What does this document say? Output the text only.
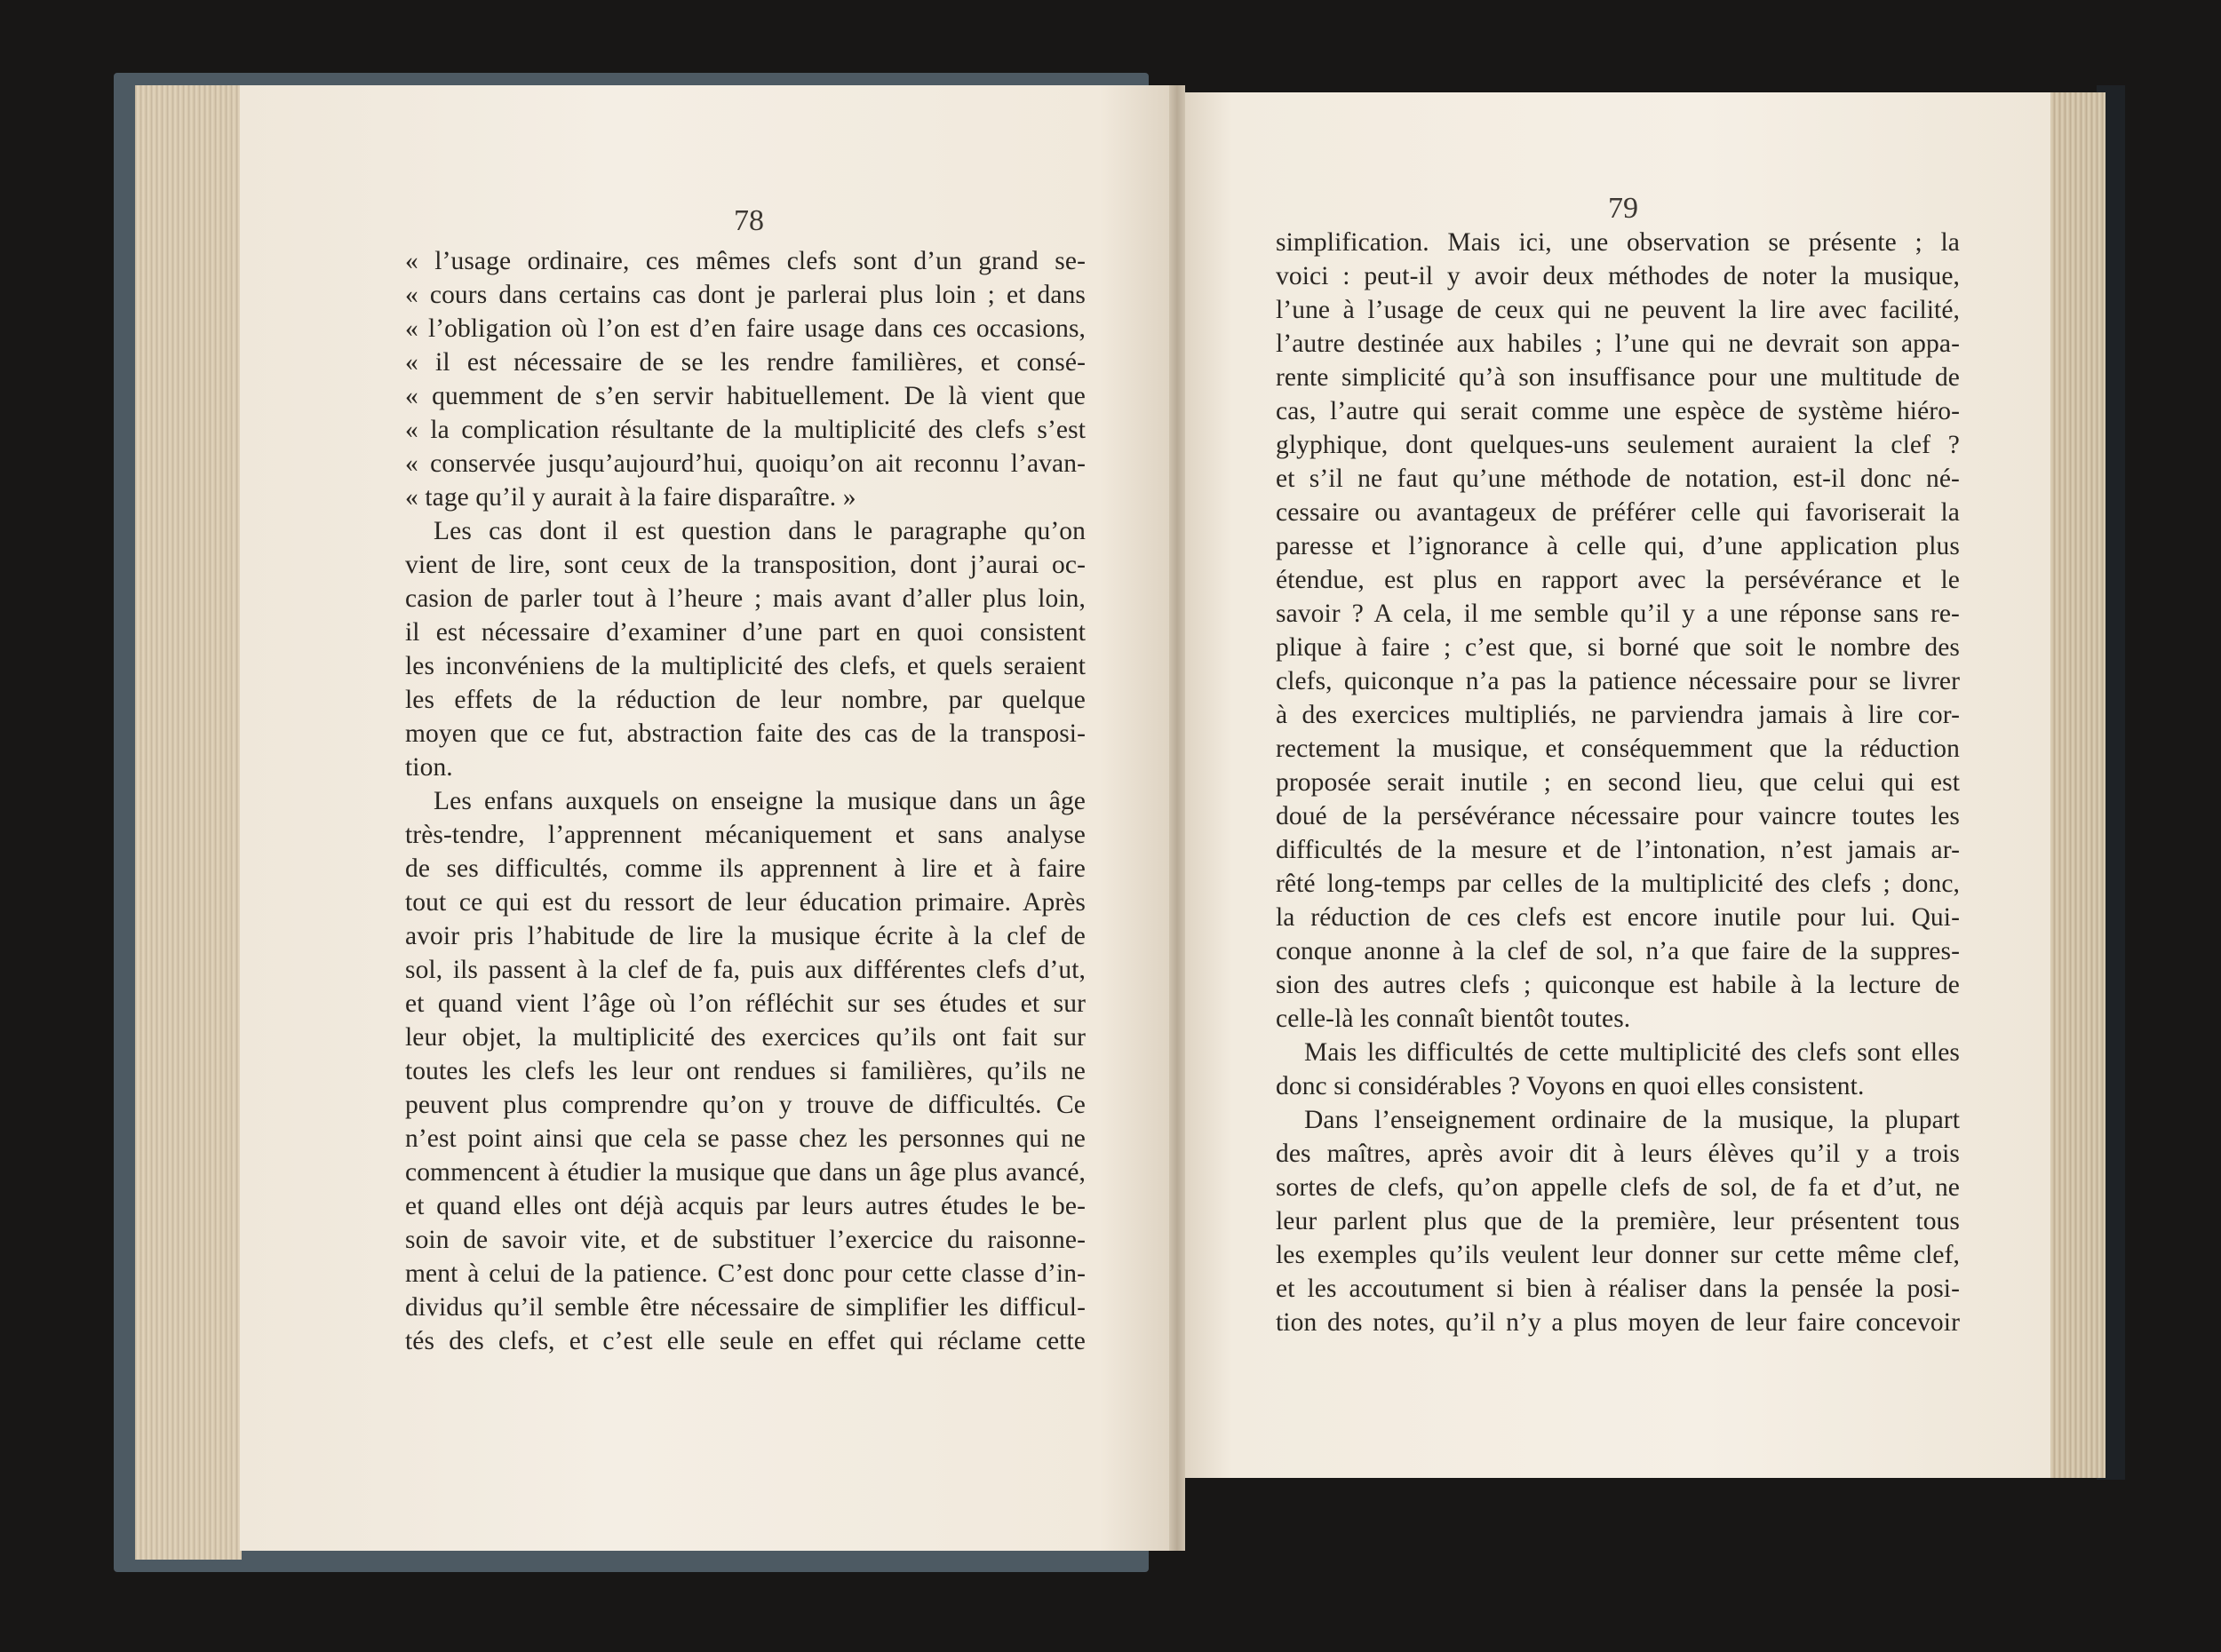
78	79
« l’usage ordinaire, ces mêmes clefs sont d’un grand se-
« cours dans certains cas dont je parlerai plus loin ; et dans
« l’obligation où l’on est d’en faire usage dans ces occasions,
« il est nécessaire de se les rendre familières, et consé-
« quemment de s’en servir habituellement. De là vient que
« la complication résultante de la multiplicité des clefs s’est
« conservée jusqu’aujourd’hui, quoiqu’on ait reconnu l’avan-
« tage qu’il y aurait à la faire disparaître. »
Les cas dont il est question dans le paragraphe qu’on
vient de lire, sont ceux de la transposition, dont j’aurai oc-
casion de parler tout à l’heure ; mais avant d’aller plus loin,
il est nécessaire d’examiner d’une part en quoi consistent
les inconvéniens de la multiplicité des clefs, et quels seraient
les effets de la réduction de leur nombre, par quelque
moyen que ce fut, abstraction faite des cas de la transposi-
tion.
Les enfans auxquels on enseigne la musique dans un âge
très-tendre, l’apprennent mécaniquement et sans analyse
de ses difficultés, comme ils apprennent à lire et à faire
tout ce qui est du ressort de leur éducation primaire. Après
avoir pris l’habitude de lire la musique écrite à la clef de
sol, ils passent à la clef de fa, puis aux différentes clefs d’ut,
et quand vient l’âge où l’on réfléchit sur ses études et sur
leur objet, la multiplicité des exercices qu’ils ont fait sur
toutes les clefs les leur ont rendues si familières, qu’ils ne
peuvent plus comprendre qu’on y trouve de difficultés. Ce
n’est point ainsi que cela se passe chez les personnes qui ne
commencent à étudier la musique que dans un âge plus avancé,
et quand elles ont déjà acquis par leurs autres études le be-
soin de savoir vite, et de substituer l’exercice du raisonne-
ment à celui de la patience. C’est donc pour cette classe d’in-
dividus qu’il semble être nécessaire de simplifier les difficul-
tés des clefs, et c’est elle seule en effet qui réclame cette
simplification. Mais ici, une observation se présente ; la
voici : peut-il y avoir deux méthodes de noter la musique,
l’une à l’usage de ceux qui ne peuvent la lire avec facilité,
l’autre destinée aux habiles ; l’une qui ne devrait son appa-
rente simplicité qu’à son insuffisance pour une multitude de
cas, l’autre qui serait comme une espèce de système hiéro-
glyphique, dont quelques-uns seulement auraient la clef ?
et s’il ne faut qu’une méthode de notation, est-il donc né-
cessaire ou avantageux de préférer celle qui favoriserait la
paresse et l’ignorance à celle qui, d’une application plus
étendue, est plus en rapport avec la persévérance et le
savoir ? A cela, il me semble qu’il y a une réponse sans re-
plique à faire ; c’est que, si borné que soit le nombre des
clefs, quiconque n’a pas la patience nécessaire pour se livrer
à des exercices multipliés, ne parviendra jamais à lire cor-
rectement la musique, et conséquemment que la réduction
proposée serait inutile ; en second lieu, que celui qui est
doué de la persévérance nécessaire pour vaincre toutes les
difficultés de la mesure et de l’intonation, n’est jamais ar-
rêté long-temps par celles de la multiplicité des clefs ; donc,
la réduction de ces clefs est encore inutile pour lui. Qui-
conque anonne à la clef de sol, n’a que faire de la suppres-
sion des autres clefs ; quiconque est habile à la lecture de
celle-là les connaît bientôt toutes.
Mais les difficultés de cette multiplicité des clefs sont elles
donc si considérables ? Voyons en quoi elles consistent.
Dans l’enseignement ordinaire de la musique, la plupart
des maîtres, après avoir dit à leurs élèves qu’il y a trois
sortes de clefs, qu’on appelle clefs de sol, de fa et d’ut, ne
leur parlent plus que de la première, leur présentent tous
les exemples qu’ils veulent leur donner sur cette même clef,
et les accoutument si bien à réaliser dans la pensée la posi-
tion des notes, qu’il n’y a plus moyen de leur faire concevoir
